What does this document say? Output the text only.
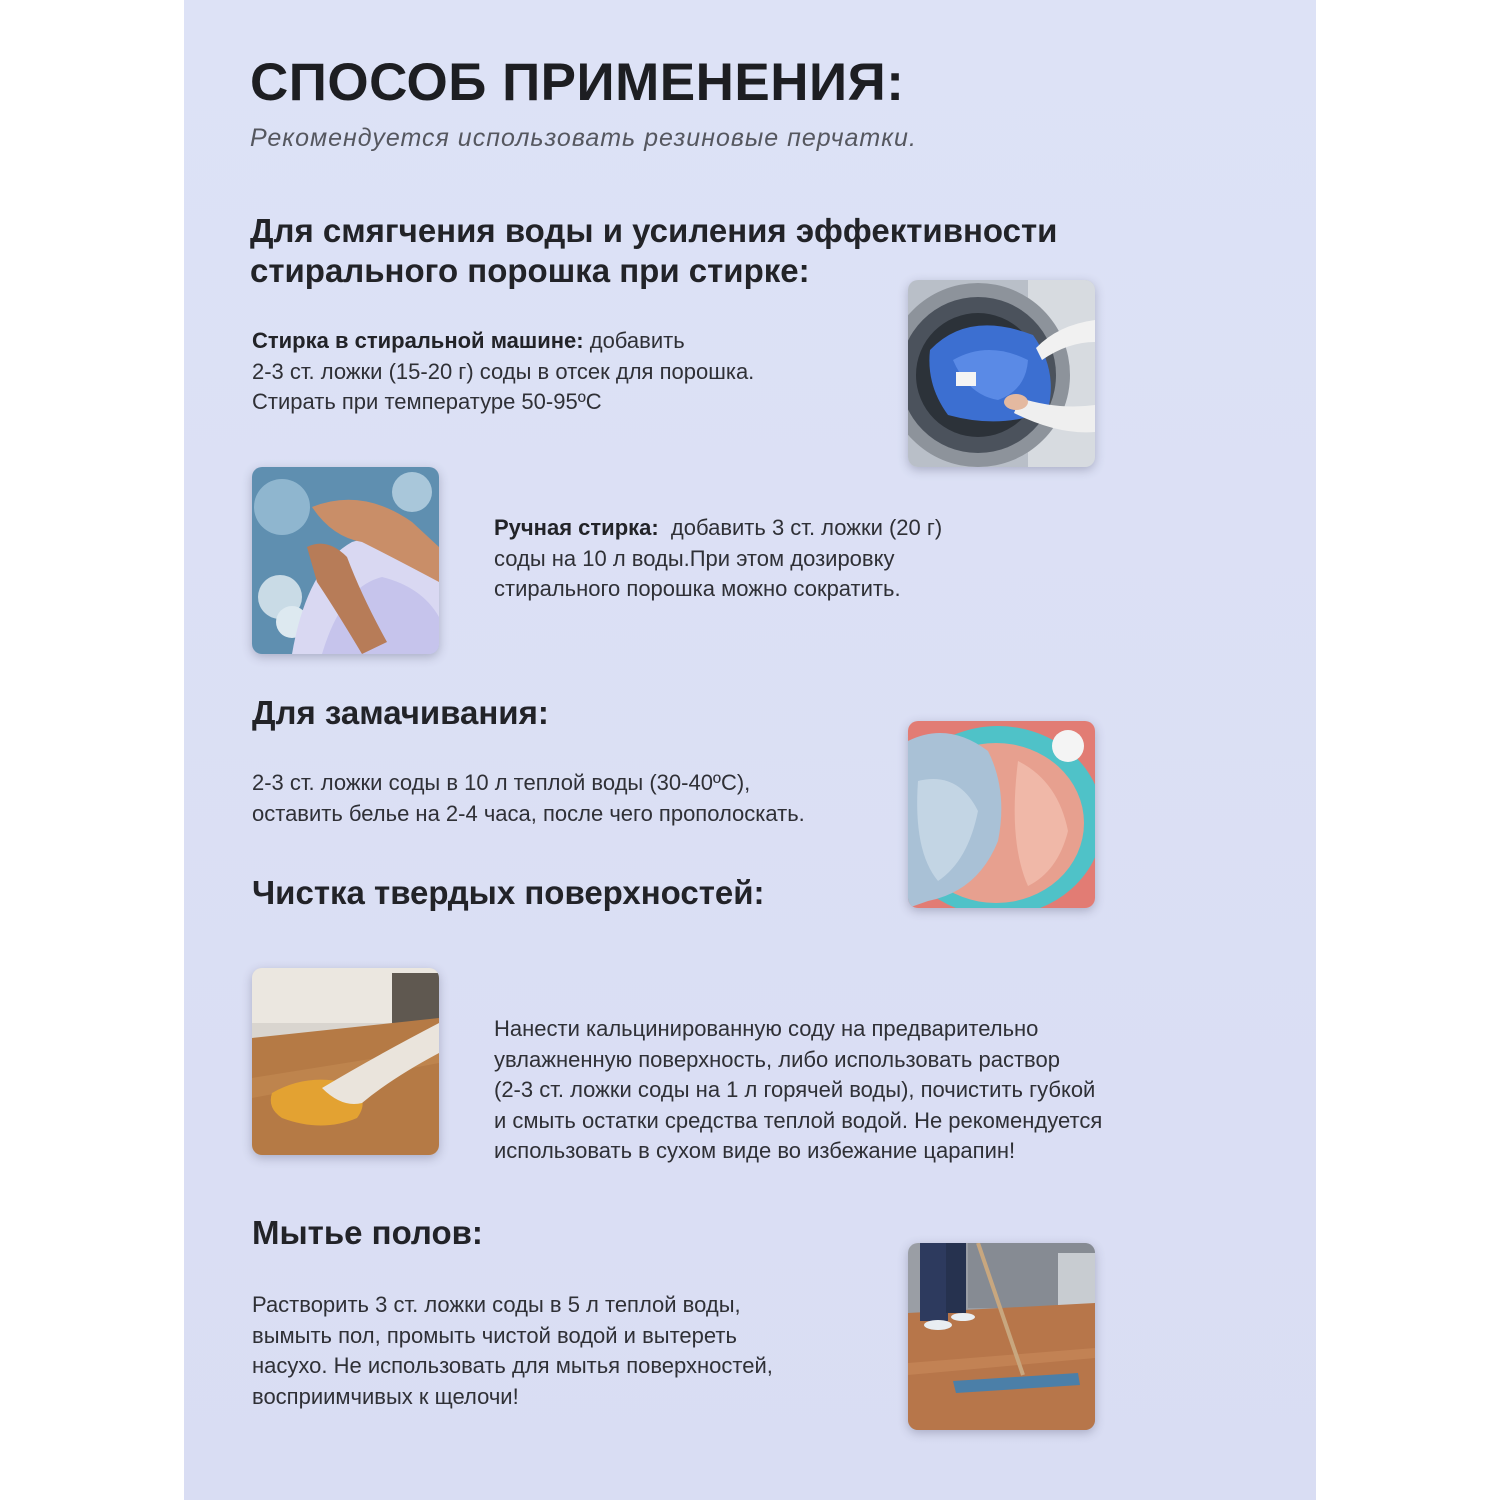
СПОСОБ ПРИМЕНЕНИЯ:
Рекомендуется использовать резиновые перчатки.
Для смягчения воды и усиления эффективности
стирального порошка при стирке:
Стирка в стиральной машине: добавить
2-3 ст. ложки (15-20 г) соды в отсек для порошка.
Стирать при температуре 50-95ºC
Ручная стирка:  добавить 3 ст. ложки (20 г)
соды на 10 л воды.При этом дозировку
стирального порошка можно сократить.
Для замачивания:
2-3 ст. ложки соды в 10 л теплой воды (30-40ºC),
оставить белье на 2-4 часа, после чего прополоскать.
Чистка твердых поверхностей:
Нанести кальцинированную соду на предварительно
увлажненную поверхность, либо использовать раствор
(2-3 ст. ложки соды на 1 л горячей воды), почистить губкой
и смыть остатки средства теплой водой. Не рекомендуется
использовать в сухом виде во избежание царапин!
Мытье полов:
Растворить 3 ст. ложки соды в 5 л теплой воды,
вымыть пол, промыть чистой водой и вытереть
насухо. Не использовать для мытья поверхностей,
восприимчивых к щелочи!
